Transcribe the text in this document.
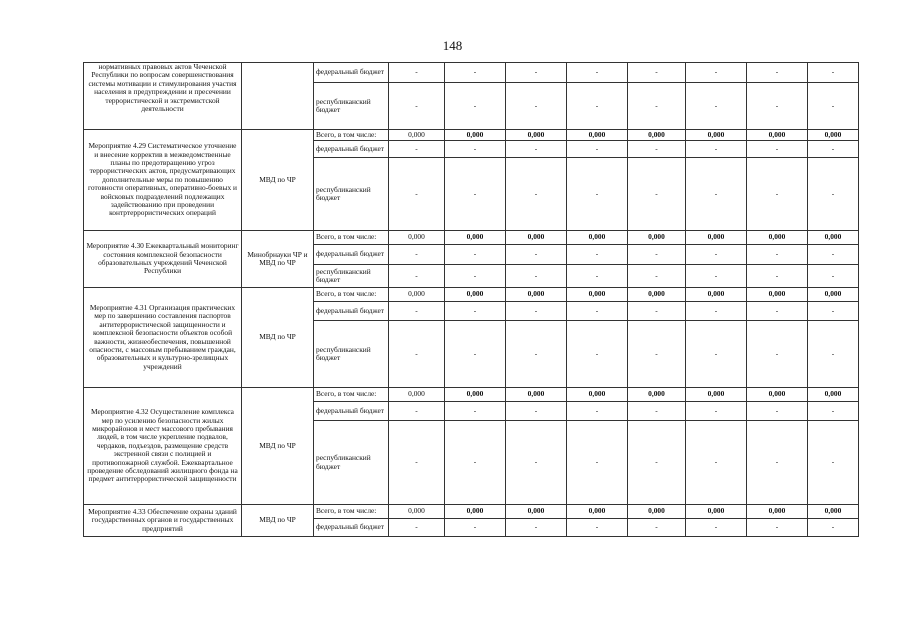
148
нормативных правовых актов Чеченской Республики по вопросам совершенствования системы мотивации и стимулирования участия населения в предупреждении и пресечении террористической и экстремистской деятельности		федеральный бюджет	-	-	-	-	-	-	-	-
		республиканский бюджет	-	-	-	-	-	-	-	-
Мероприятие 4.29 Систематическое уточнение и внесение корректив в межведомственные планы по предотвращению угроз террористических актов, предусматривающих дополнительные меры по повышению готовности оперативных, оперативно-боевых и войсковых подразделений подлежащих задействованию при проведении контртеррористических операций	МВД по ЧР	Всего, в том числе:	0,000	0,000	0,000	0,000	0,000	0,000	0,000	0,000
		федеральный бюджет	-	-	-	-	-	-	-	-
		республиканский бюджет	-	-	-	-	-	-	-	-
Мероприятие 4.30 Ежеквартальный мониторинг состояния комплексной безопасности образовательных учреждений Чеченской Республики	Минобрнауки ЧР и МВД по ЧР	Всего, в том числе:	0,000	0,000	0,000	0,000	0,000	0,000	0,000	0,000
		федеральный бюджет	-	-	-	-	-	-	-	-
		республиканский бюджет	-	-	-	-	-	-	-	-
Мероприятие 4.31 Организация практических мер по завершению составления паспортов антитеррористической защищенности и комплексной безопасности объектов особой важности, жизнеобеспечения, повышенной опасности, с массовым пребыванием граждан, образовательных и культурно-зрелищных учреждений	МВД по ЧР	Всего, в том числе:	0,000	0,000	0,000	0,000	0,000	0,000	0,000	0,000
		федеральный бюджет	-	-	-	-	-	-	-	-
		республиканский бюджет	-	-	-	-	-	-	-	-
Мероприятие 4.32 Осуществление комплекса мер по усилению безопасности жилых микрорайонов и мест массового пребывания людей, в том числе укрепление подвалов, чердаков, подъездов, размещение средств экстренной связи с полицией и противопожарной службой. Ежеквартальное проведение обследований жилищного фонда на предмет антитеррористической защищенности	МВД по ЧР	Всего, в том числе:	0,000	0,000	0,000	0,000	0,000	0,000	0,000	0,000
		федеральный бюджет	-	-	-	-	-	-	-	-
		республиканский бюджет	-	-	-	-	-	-	-	-
Мероприятие 4.33 Обеспечение охраны зданий государственных органов и государственных предприятий	МВД по ЧР	Всего, в том числе:	0,000	0,000	0,000	0,000	0,000	0,000	0,000	0,000
		федеральный бюджет	-	-	-	-	-	-	-	-
